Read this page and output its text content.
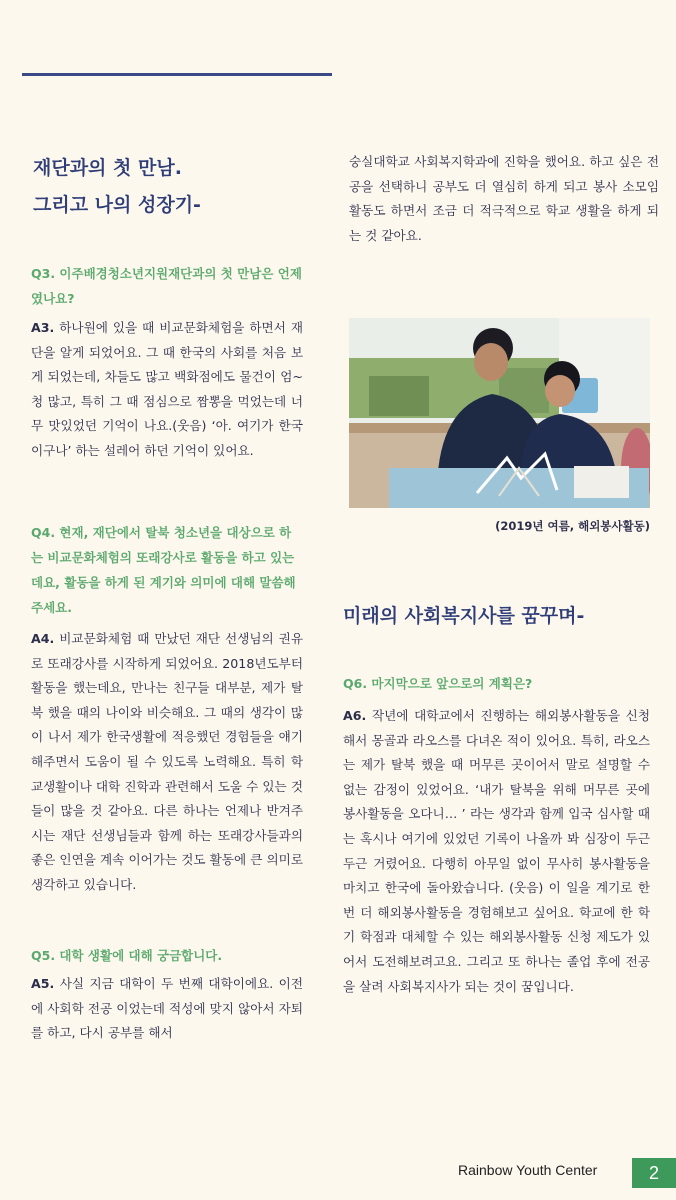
재단과의 첫 만남.
그리고 나의 성장기-

Q3. 이주배경청소년지원재단과의 첫 만남은 언제였나요?

A3. 하나원에 있을 때 비교문화체험을 하면서 재단을 알게 되었어요. 그 때 한국의 사회를 처음 보게 되었는데, 차들도 많고 백화점에도 물건이 엄~청 많고, 특히 그 때 점심으로 짬뽕을 먹었는데 너무 맛있었던 기억이 나요.(웃음) ‘아. 여기가 한국이구나’ 하는 설레어 하던 기억이 있어요.

Q4. 현재, 재단에서 탈북 청소년을 대상으로 하는 비교문화체험의 또래강사로 활동을 하고 있는데요, 활동을 하게 된 계기와 의미에 대해 말씀해 주세요.

A4. 비교문화체험 때 만났던 재단 선생님의 권유로 또래강사를 시작하게 되었어요. 2018년도부터 활동을 했는데요, 만나는 친구들 대부분, 제가 탈북 했을 때의 나이와 비슷해요. 그 때의 생각이 많이 나서 제가 한국생활에 적응했던 경험들을 얘기해주면서 도움이 될 수 있도록 노력해요. 특히 학교생활이나 대학 진학과 관련해서 도울 수 있는 것들이 많을 것 같아요. 다른 하나는 언제나 반겨주시는 재단 선생님들과 함께 하는 또래강사들과의 좋은 인연을 계속 이어가는 것도 활동에 큰 의미로 생각하고 있습니다.

Q5. 대학 생활에 대해 궁금합니다.

A5. 사실 지금 대학이 두 번째 대학이에요. 이전에 사회학 전공 이었는데 적성에 맞지 않아서 자퇴를 하고, 다시 공부를 해서

숭실대학교 사회복지학과에 진학을 했어요. 하고 싶은 전공을 선택하니 공부도 더 열심히 하게 되고 봉사 소모임 활동도 하면서 조금 더 적극적으로 학교 생활을 하게 되는 것 같아요.

(2019년 여름, 해외봉사활동)
미래의 사회복지사를 꿈꾸며-

Q6. 마지막으로 앞으로의 계획은?

A6. 작년에 대학교에서 진행하는 해외봉사활동을 신청해서 몽골과 라오스를 다녀온 적이 있어요. 특히, 라오스는 제가 탈북 했을 때 머무른 곳이어서 말로 설명할 수 없는 감정이 있었어요. ‘내가 탈북을 위해 머무른 곳에 봉사활동을 오다니… ’ 라는 생각과 함께 입국 심사할 때는 혹시나 여기에 있었던 기록이 나올까 봐 심장이 두근두근 거렸어요. 다행히 아무일 없이 무사히 봉사활동을 마치고 한국에 돌아왔습니다. (웃음) 이 일을 계기로 한 번 더 해외봉사활동을 경험해보고 싶어요. 학교에 한 학기 학점과 대체할 수 있는 해외봉사활동 신청 제도가 있어서 도전해보려고요. 그리고 또 하나는 졸업 후에 전공을 살려 사회복지사가 되는 것이 꿈입니다.

Rainbow Youth Center	2
